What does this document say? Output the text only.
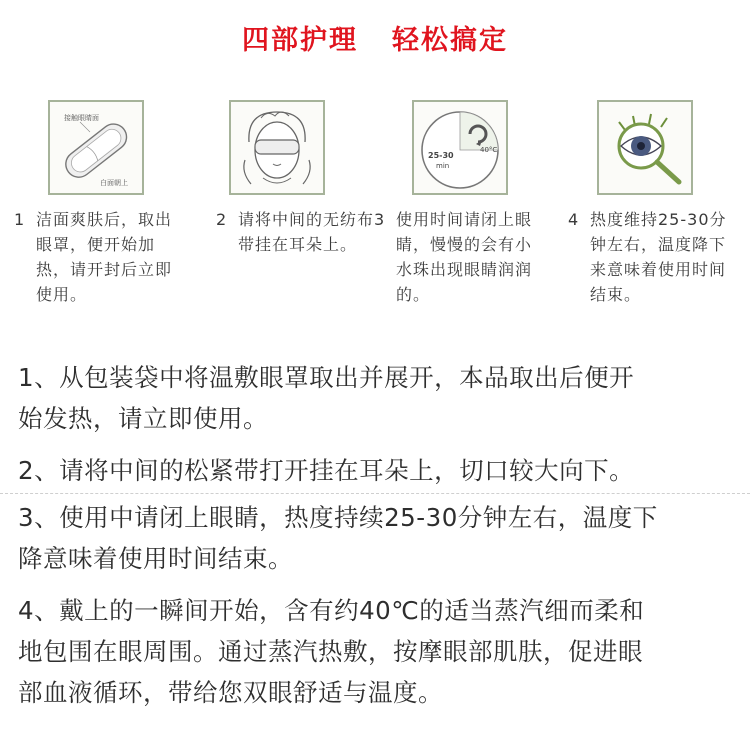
四部护理 轻松搞定
接触眼睛面
白面朝上
40°C
25-30
min
1 洁面爽肤后，取出眼罩，便开始加热，请开封后立即使用。
2 请将中间的无纺布带挂在耳朵上。
3 使用时间请闭上眼睛，慢慢的会有小水珠出现眼睛润润的。
4 热度维持25-30分钟左右，温度降下来意味着使用时间结束。
1、从包装袋中将温敷眼罩取出并展开，本品取出后便开
始发热，请立即使用。
2、请将中间的松紧带打开挂在耳朵上，切口较大向下。
3、使用中请闭上眼睛，热度持续25-30分钟左右，温度下
降意味着使用时间结束。
4、戴上的一瞬间开始，含有约40℃的适当蒸汽细而柔和
地包围在眼周围。通过蒸汽热敷，按摩眼部肌肤，促进眼
部血液循环，带给您双眼舒适与温度。
